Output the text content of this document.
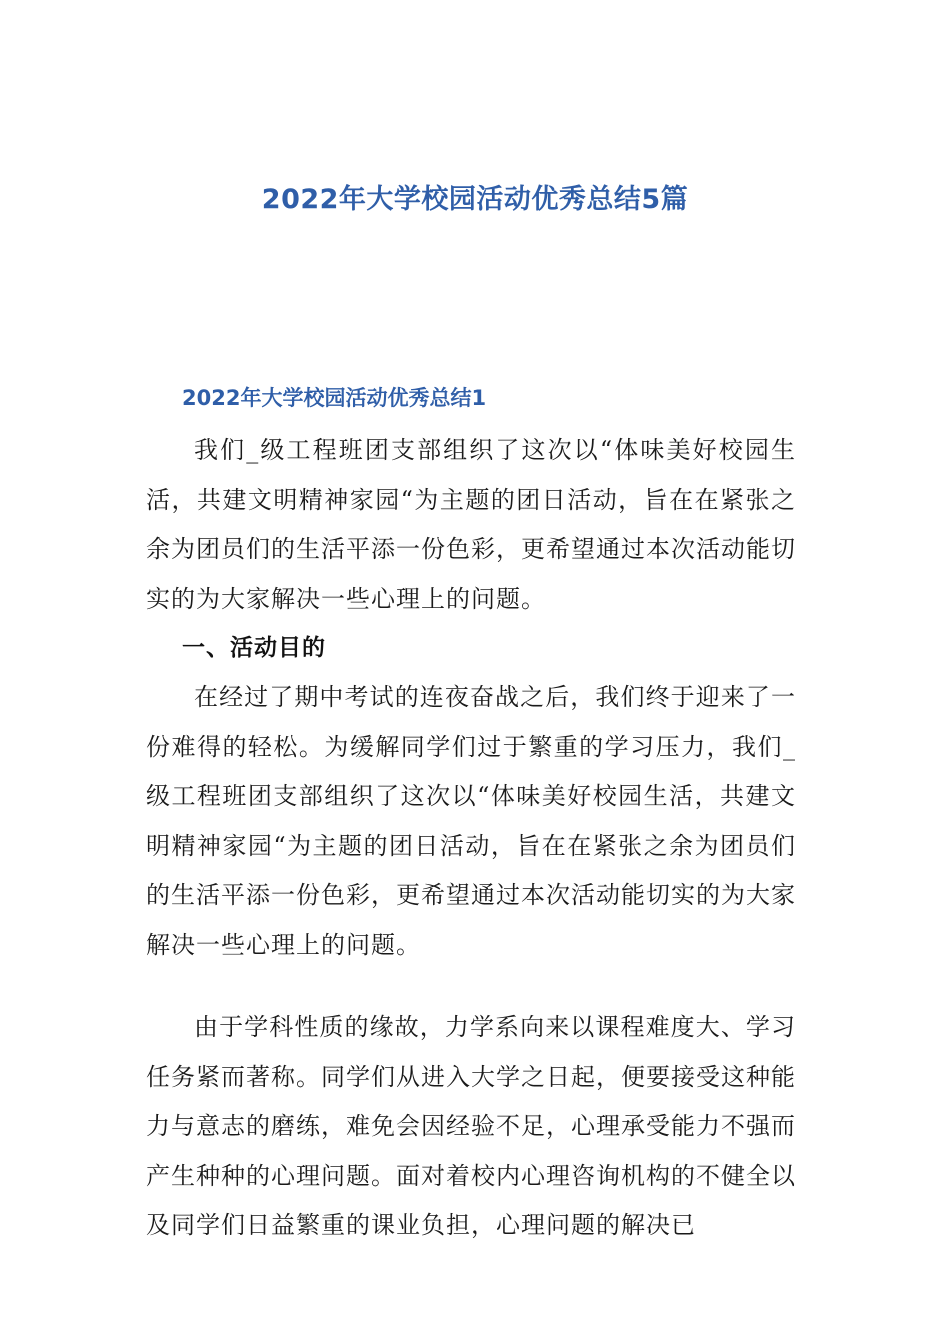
2022年大学校园活动优秀总结5篇
2022年大学校园活动优秀总结1

我们_级工程班团支部组织了这次以“体味美好校园生活，共建文明精神家园“为主题的团日活动，旨在在紧张之余为团员们的生活平添一份色彩，更希望通过本次活动能切实的为大家解决一些心理上的问题。

一、活动目的

在经过了期中考试的连夜奋战之后，我们终于迎来了一份难得的轻松。为缓解同学们过于繁重的学习压力，我们_级工程班团支部组织了这次以“体味美好校园生活，共建文明精神家园“为主题的团日活动，旨在在紧张之余为团员们的生活平添一份色彩，更希望通过本次活动能切实的为大家解决一些心理上的问题。

由于学科性质的缘故，力学系向来以课程难度大、学习任务紧而著称。同学们从进入大学之日起，便要接受这种能力与意志的磨练，难免会因经验不足，心理承受能力不强而产生种种的心理问题。面对着校内心理咨询机构的不健全以及同学们日益繁重的课业负担，心理问题的解决已
